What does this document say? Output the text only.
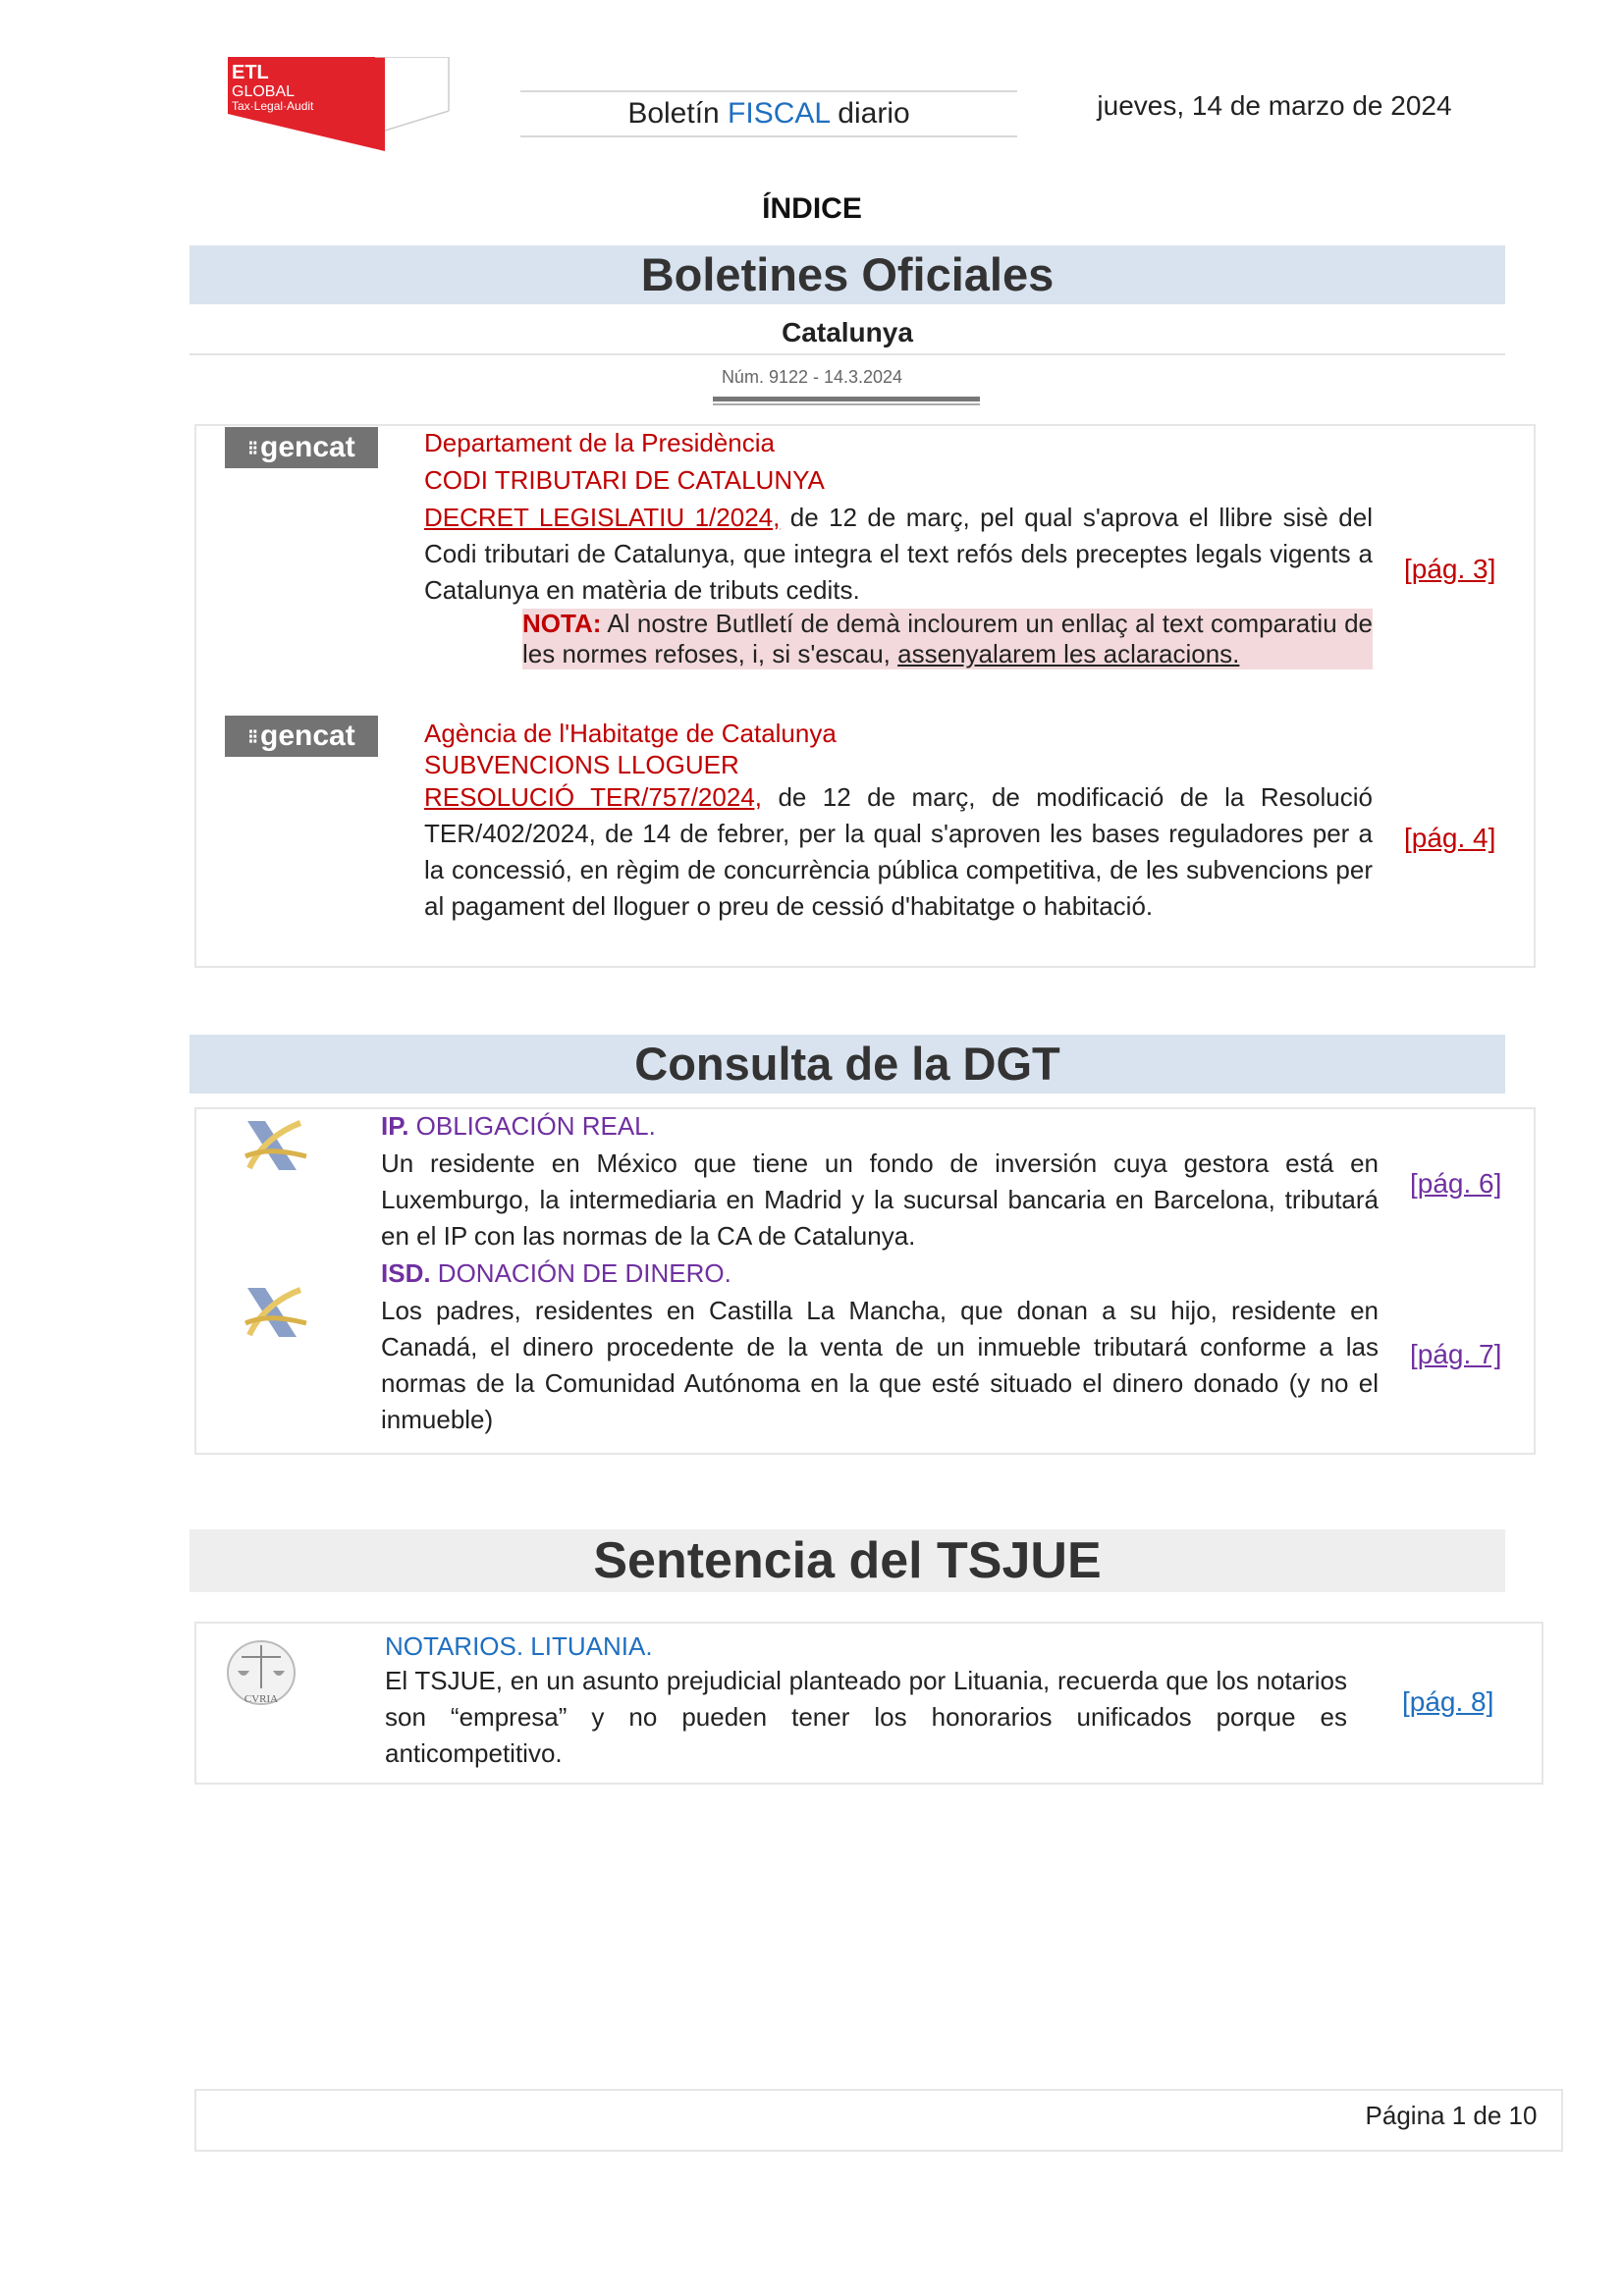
ETL
GLOBAL
Tax·Legal·Audit	Boletín FISCAL diario	jueves, 14 de marzo de 2024
ÍNDICE
Boletines Oficiales
Catalunya
Núm. 9122 - 14.3.2024
⁝⁝ gencat	Departament de la Presidència
CODI TRIBUTARI DE CATALUNYA
DECRET LEGISLATIU 1/2024, de 12 de març, pel qual s'aprova el llibre sisè del Codi tributari de Catalunya, que integra el text refós dels preceptes legals vigents a Catalunya en matèria de tributs cedits.
NOTA: Al nostre Butlletí de demà inclourem un enllaç al text comparatiu de les normes refoses, i, si s'escau, assenyalarem les aclaracions.
[pág. 3]
⁝⁝ gencat	Agència de l'Habitatge de Catalunya
SUBVENCIONS LLOGUER
RESOLUCIÓ TER/757/2024, de 12 de març, de modificació de la Resolució TER/402/2024, de 14 de febrer, per la qual s'aproven les bases reguladores per a la concessió, en règim de concurrència pública competitiva, de les subvencions per al pagament del lloguer o preu de cessió d'habitatge o habitació.
[pág. 4]
Consulta de la DGT
IP. OBLIGACIÓN REAL.
Un residente en México que tiene un fondo de inversión cuya gestora está en Luxemburgo, la intermediaria en Madrid y la sucursal bancaria en Barcelona, tributará en el IP con las normas de la CA de Catalunya.
[pág. 6]
ISD. DONACIÓN DE DINERO.
Los padres, residentes en Castilla La Mancha, que donan a su hijo, residente en Canadá, el dinero procedente de la venta de un inmueble tributará conforme a las normas de la Comunidad Autónoma en la que esté situado el dinero donado (y no el inmueble)
[pág. 7]
Sentencia del TSJUE
CVRIA
NOTARIOS. LITUANIA.
El TSJUE, en un asunto prejudicial planteado por Lituania, recuerda que los notarios son “empresa” y no pueden tener los honorarios unificados porque es anticompetitivo.
[pág. 8]
Página 1 de 10
